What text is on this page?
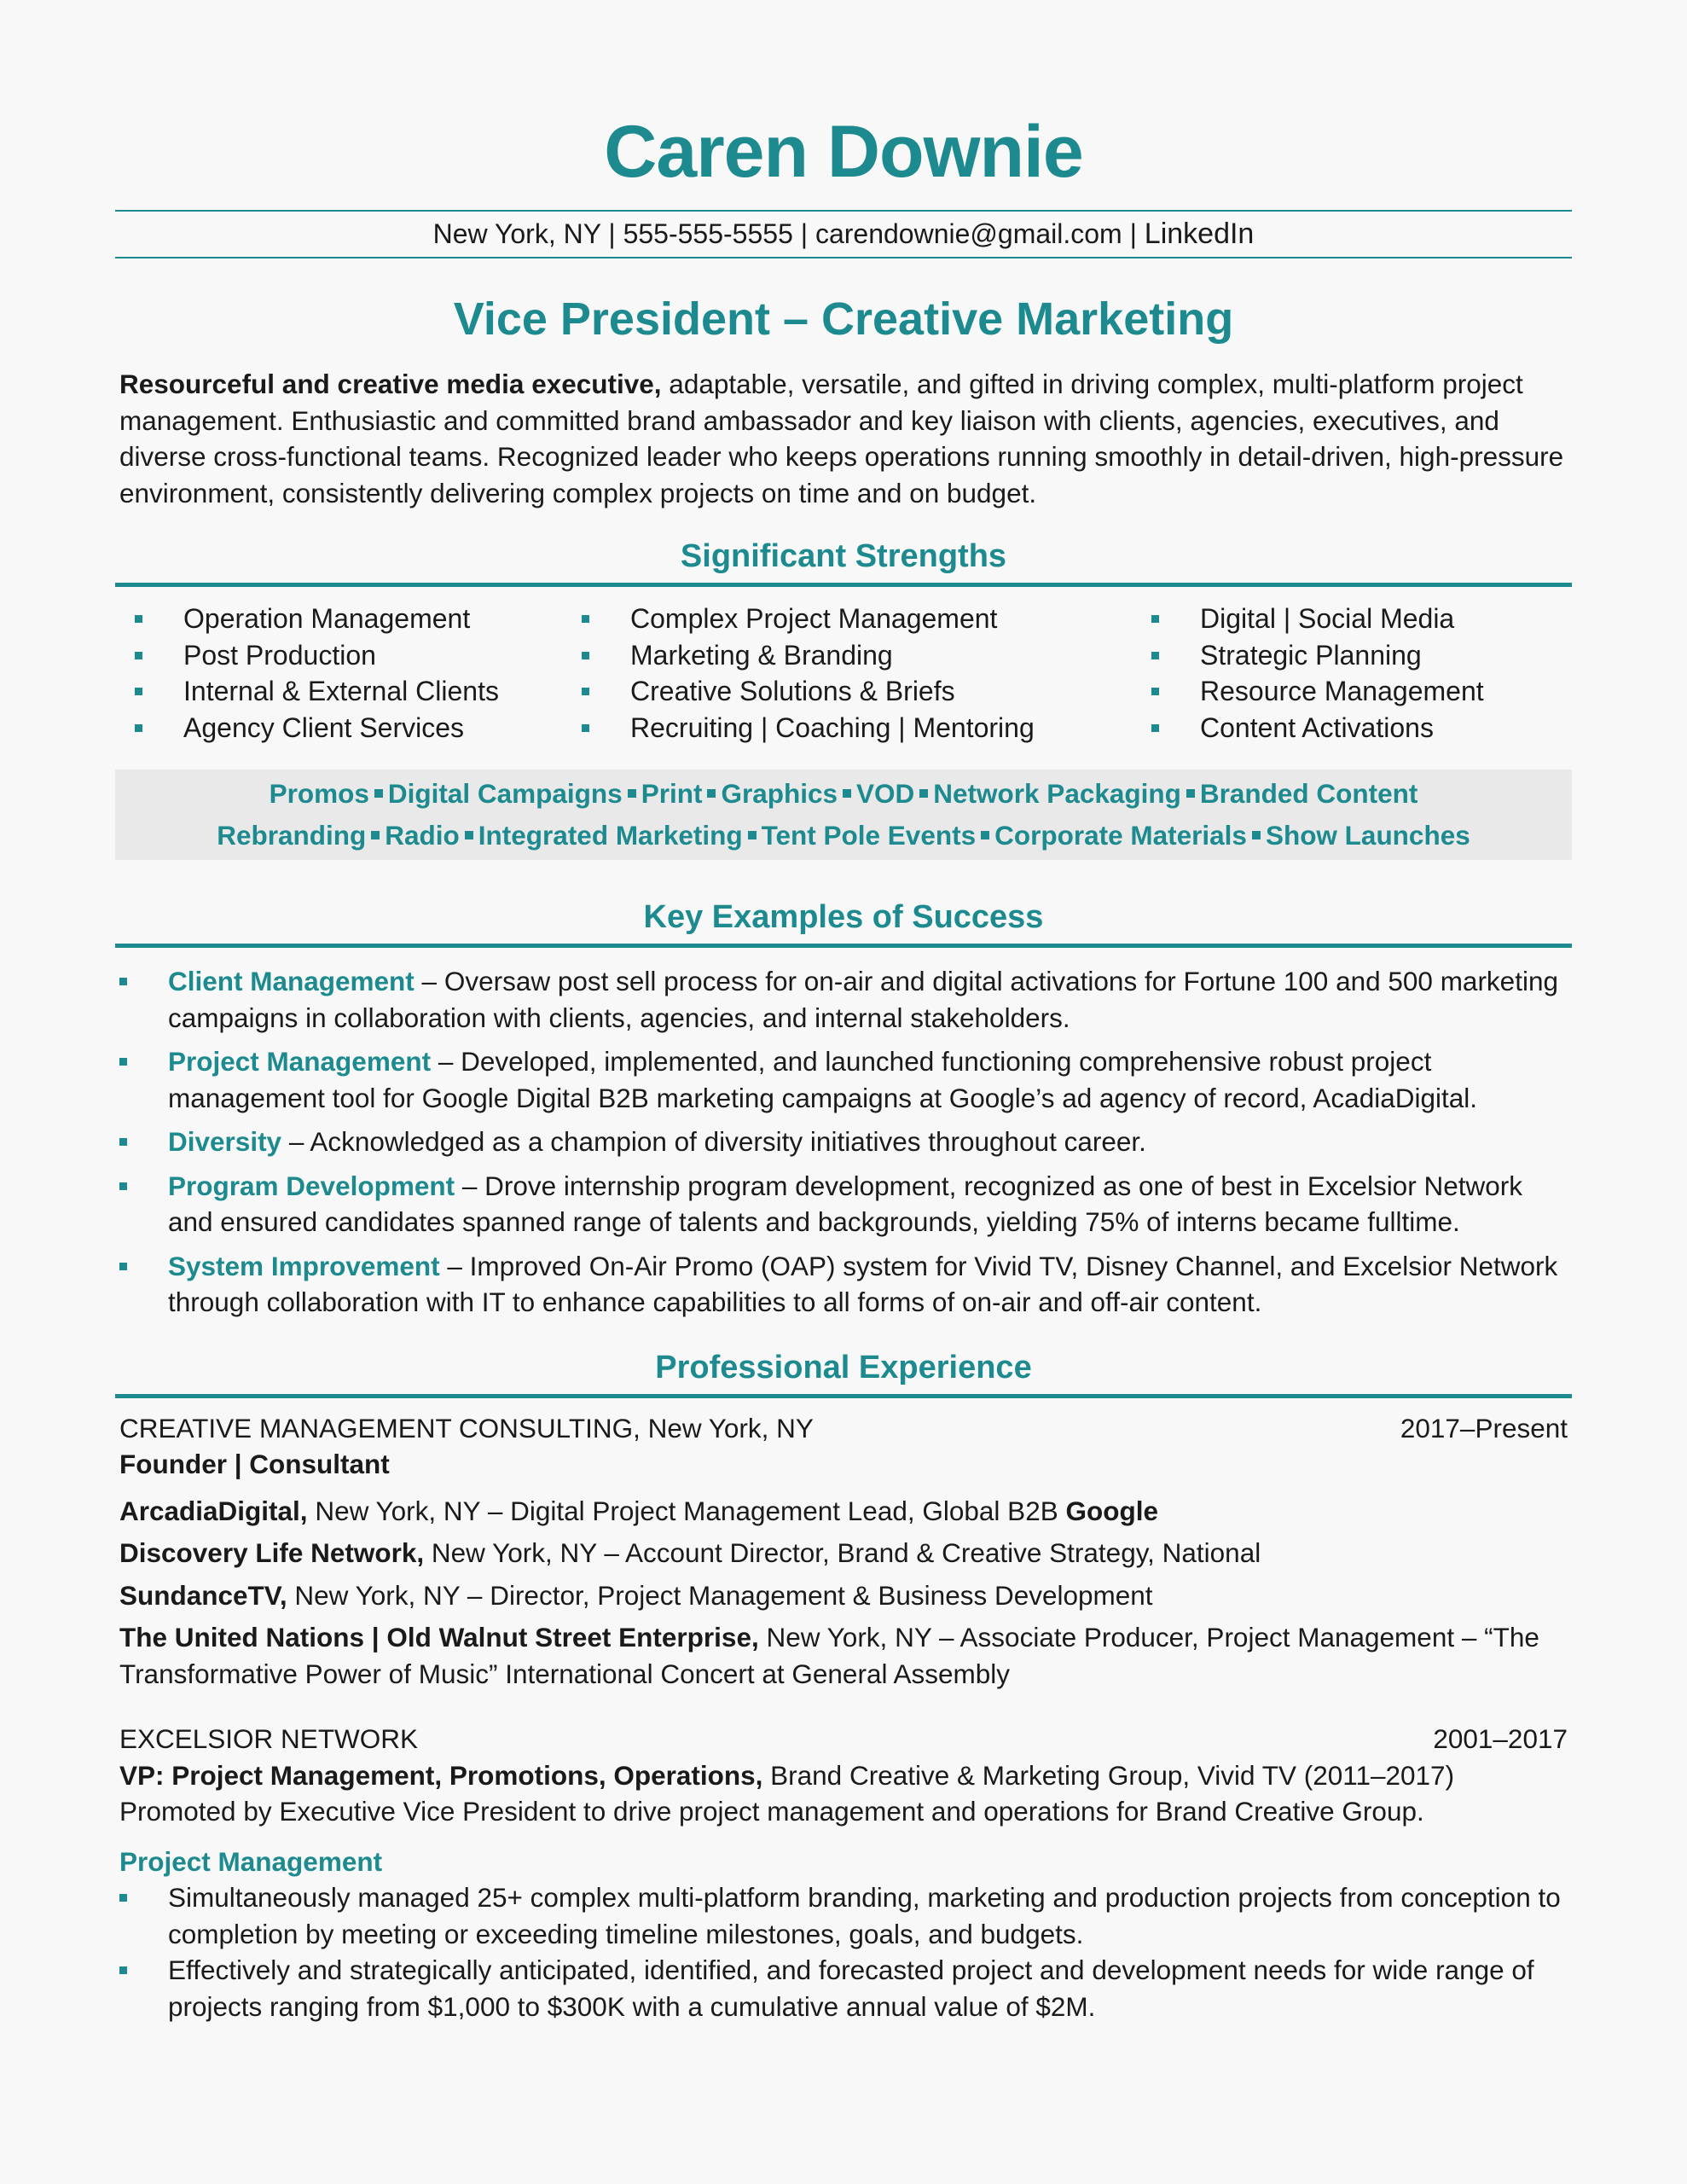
Caren Downie
New York, NY | 555-555-5555 | carendownie@gmail.com | LinkedIn
Vice President – Creative Marketing
Resourceful and creative media executive, adaptable, versatile, and gifted in driving complex, multi-platform project management. Enthusiastic and committed brand ambassador and key liaison with clients, agencies, executives, and diverse cross-functional teams. Recognized leader who keeps operations running smoothly in detail-driven, high-pressure environment, consistently delivering complex projects on time and on budget.
Significant Strengths
Operation Management
Post Production
Internal & External Clients
Agency Client Services
Complex Project Management
Marketing & Branding
Creative Solutions & Briefs
Recruiting | Coaching | Mentoring
Digital | Social Media
Strategic Planning
Resource Management
Content Activations
Promos Digital Campaigns Print Graphics VOD Network Packaging Branded Content
Rebranding Radio Integrated Marketing Tent Pole Events Corporate Materials Show Launches
Key Examples of Success
Client Management – Oversaw post sell process for on-air and digital activations for Fortune 100 and 500 marketing campaigns in collaboration with clients, agencies, and internal stakeholders.
Project Management – Developed, implemented, and launched functioning comprehensive robust project management tool for Google Digital B2B marketing campaigns at Google’s ad agency of record, AcadiaDigital.
Diversity – Acknowledged as a champion of diversity initiatives throughout career.
Program Development – Drove internship program development, recognized as one of best in Excelsior Network and ensured candidates spanned range of talents and backgrounds, yielding 75% of interns became fulltime.
System Improvement – Improved On-Air Promo (OAP) system for Vivid TV, Disney Channel, and Excelsior Network through collaboration with IT to enhance capabilities to all forms of on-air and off-air content.
Professional Experience
CREATIVE MANAGEMENT CONSULTING, New York, NY	2017–Present
Founder | Consultant
ArcadiaDigital, New York, NY – Digital Project Management Lead, Global B2B Google
Discovery Life Network, New York, NY – Account Director, Brand & Creative Strategy, National
SundanceTV, New York, NY – Director, Project Management & Business Development
The United Nations | Old Walnut Street Enterprise, New York, NY – Associate Producer, Project Management – “The Transformative Power of Music” International Concert at General Assembly
EXCELSIOR NETWORK	2001–2017
VP: Project Management, Promotions, Operations, Brand Creative & Marketing Group, Vivid TV (2011–2017)
Promoted by Executive Vice President to drive project management and operations for Brand Creative Group.
Project Management
Simultaneously managed 25+ complex multi-platform branding, marketing and production projects from conception to completion by meeting or exceeding timeline milestones, goals, and budgets.
Effectively and strategically anticipated, identified, and forecasted project and development needs for wide range of projects ranging from $1,000 to $300K with a cumulative annual value of $2M.
